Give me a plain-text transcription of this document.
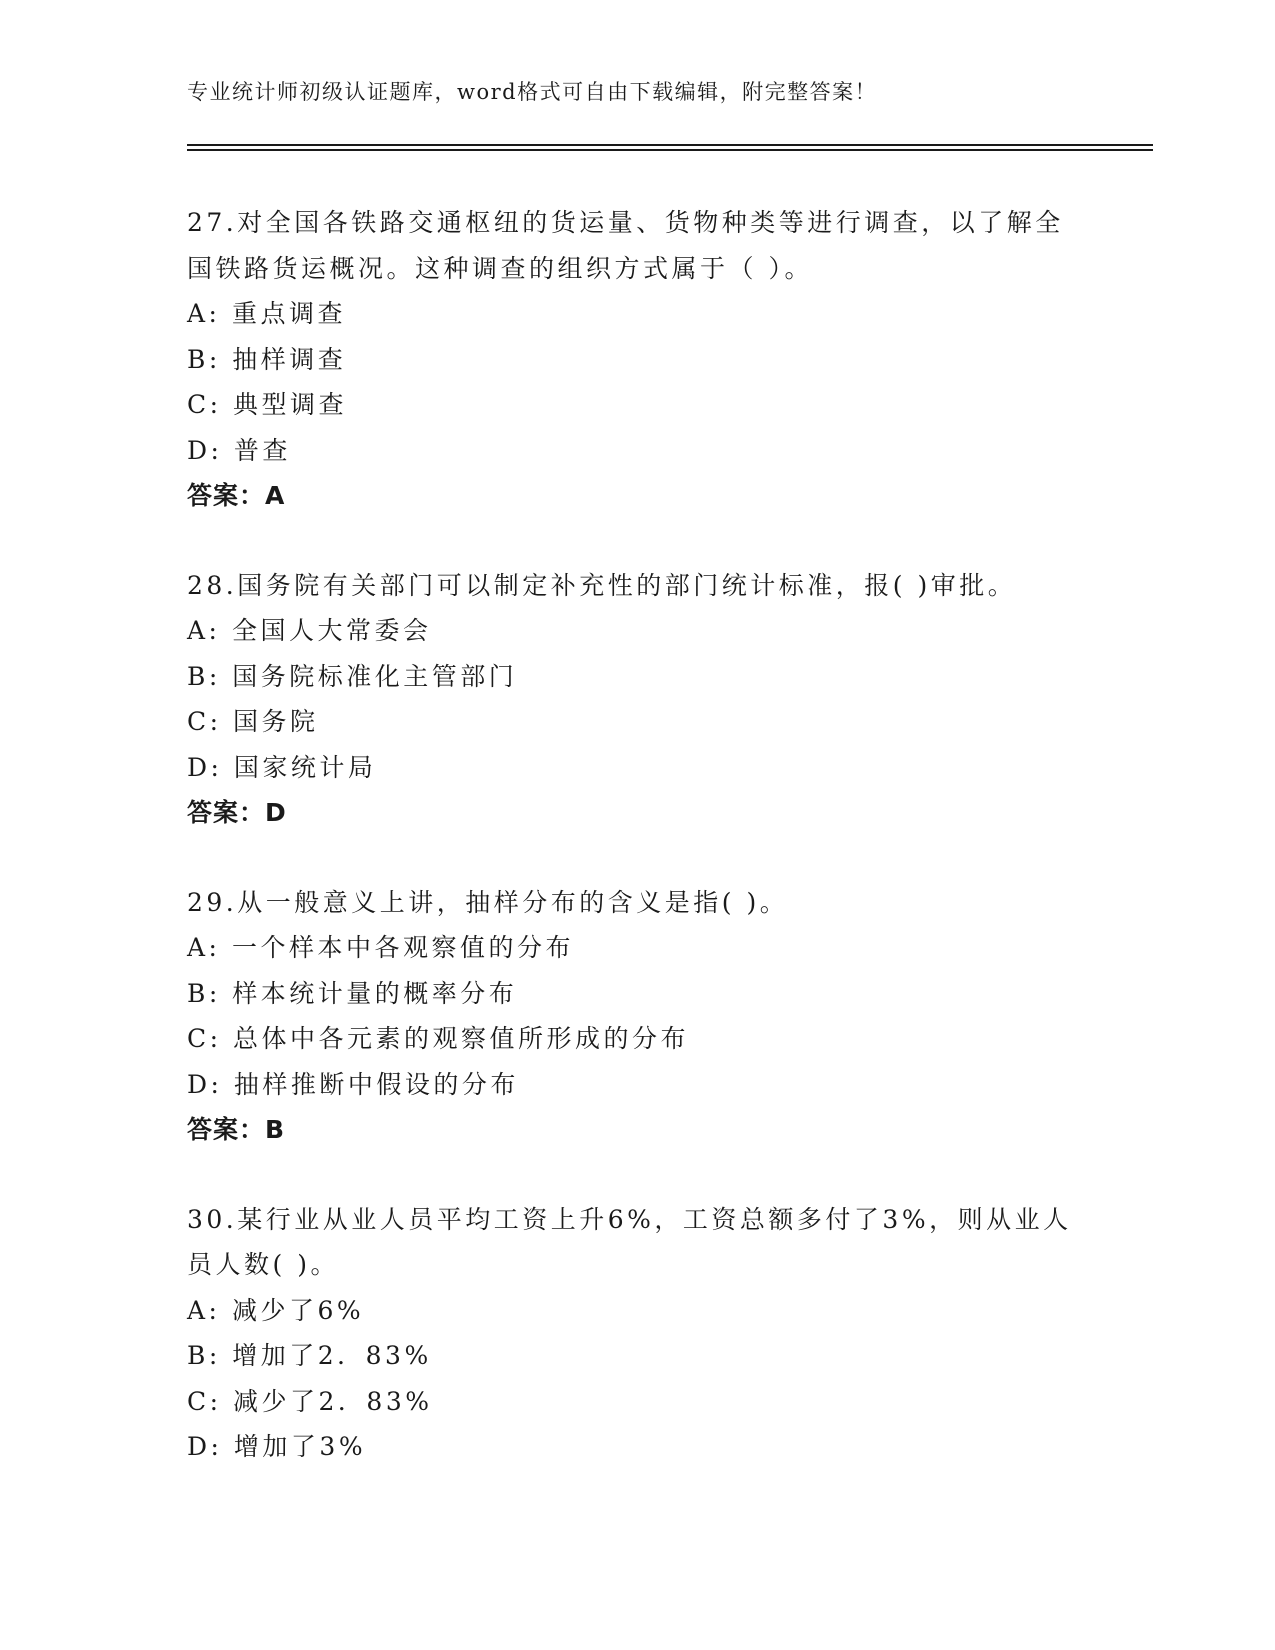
专业统计师初级认证题库，word格式可自由下载编辑，附完整答案！
27.对全国各铁路交通枢纽的货运量、货物种类等进行调查，以了解全
国铁路货运概况。这种调查的组织方式属于（ ）。
A: 重点调查
B: 抽样调查
C: 典型调查
D: 普查
答案：A
28.国务院有关部门可以制定补充性的部门统计标准，报( )审批。
A: 全国人大常委会
B: 国务院标准化主管部门
C: 国务院
D: 国家统计局
答案：D
29.从一般意义上讲，抽样分布的含义是指( )。
A: 一个样本中各观察值的分布
B: 样本统计量的概率分布
C: 总体中各元素的观察值所形成的分布
D: 抽样推断中假设的分布
答案：B
30.某行业从业人员平均工资上升6%，工资总额多付了3%，则从业人
员人数( )。
A: 减少了6%
B: 增加了2．83%
C: 减少了2．83%
D: 增加了3%
